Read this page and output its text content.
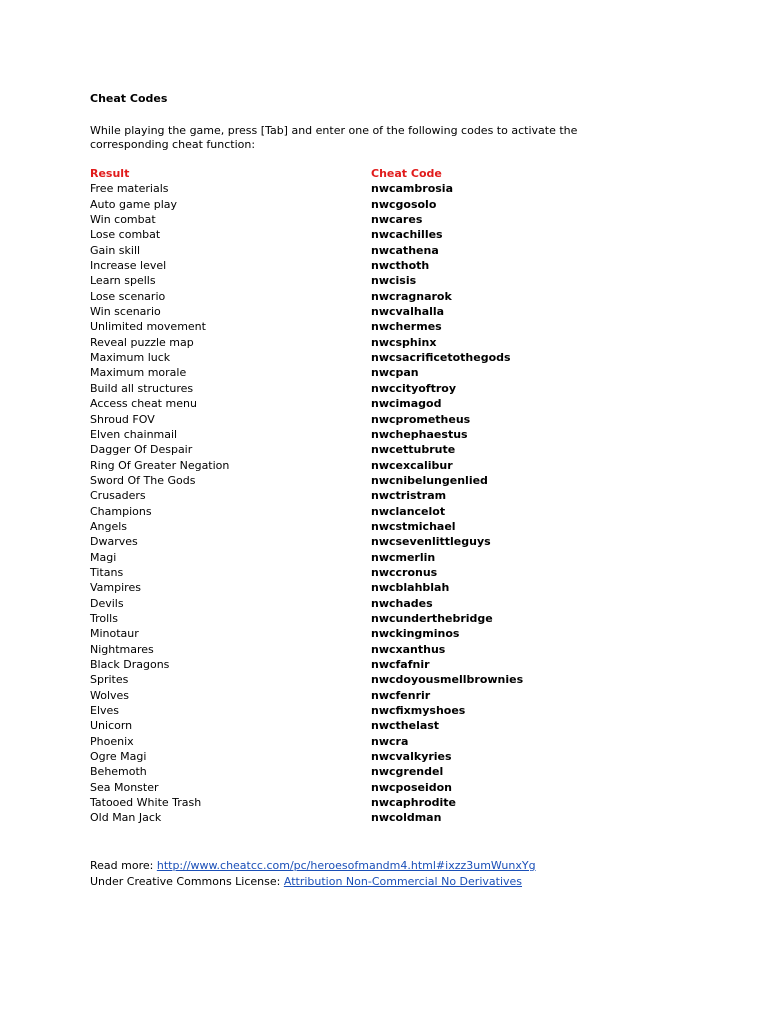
Cheat Codes
While playing the game, press [Tab] and enter one of the following codes to activate the corresponding cheat function:
Result	Cheat Code
Free materials	nwcambrosia
Auto game play	nwcgosolo
Win combat	nwcares
Lose combat	nwcachilles
Gain skill	nwcathena
Increase level	nwcthoth
Learn spells	nwcisis
Lose scenario	nwcragnarok
Win scenario	nwcvalhalla
Unlimited movement	nwchermes
Reveal puzzle map	nwcsphinx
Maximum luck	nwcsacrificetothegods
Maximum morale	nwcpan
Build all structures	nwccityoftroy
Access cheat menu	nwcimagod
Shroud FOV	nwcprometheus
Elven chainmail	nwchephaestus
Dagger Of Despair	nwcettubrute
Ring Of Greater Negation	nwcexcalibur
Sword Of The Gods	nwcnibelungenlied
Crusaders	nwctristram
Champions	nwclancelot
Angels	nwcstmichael
Dwarves	nwcsevenlittleguys
Magi	nwcmerlin
Titans	nwccronus
Vampires	nwcblahblah
Devils	nwchades
Trolls	nwcunderthebridge
Minotaur	nwckingminos
Nightmares	nwcxanthus
Black Dragons	nwcfafnir
Sprites	nwcdoyousmellbrownies
Wolves	nwcfenrir
Elves	nwcfixmyshoes
Unicorn	nwcthelast
Phoenix	nwcra
Ogre Magi	nwcvalkyries
Behemoth	nwcgrendel
Sea Monster	nwcposeidon
Tatooed White Trash	nwcaphrodite
Old Man Jack	nwcoldman
Read more: http://www.cheatcc.com/pc/heroesofmandm4.html#ixzz3umWunxYg
Under Creative Commons License: Attribution Non-Commercial No Derivatives
